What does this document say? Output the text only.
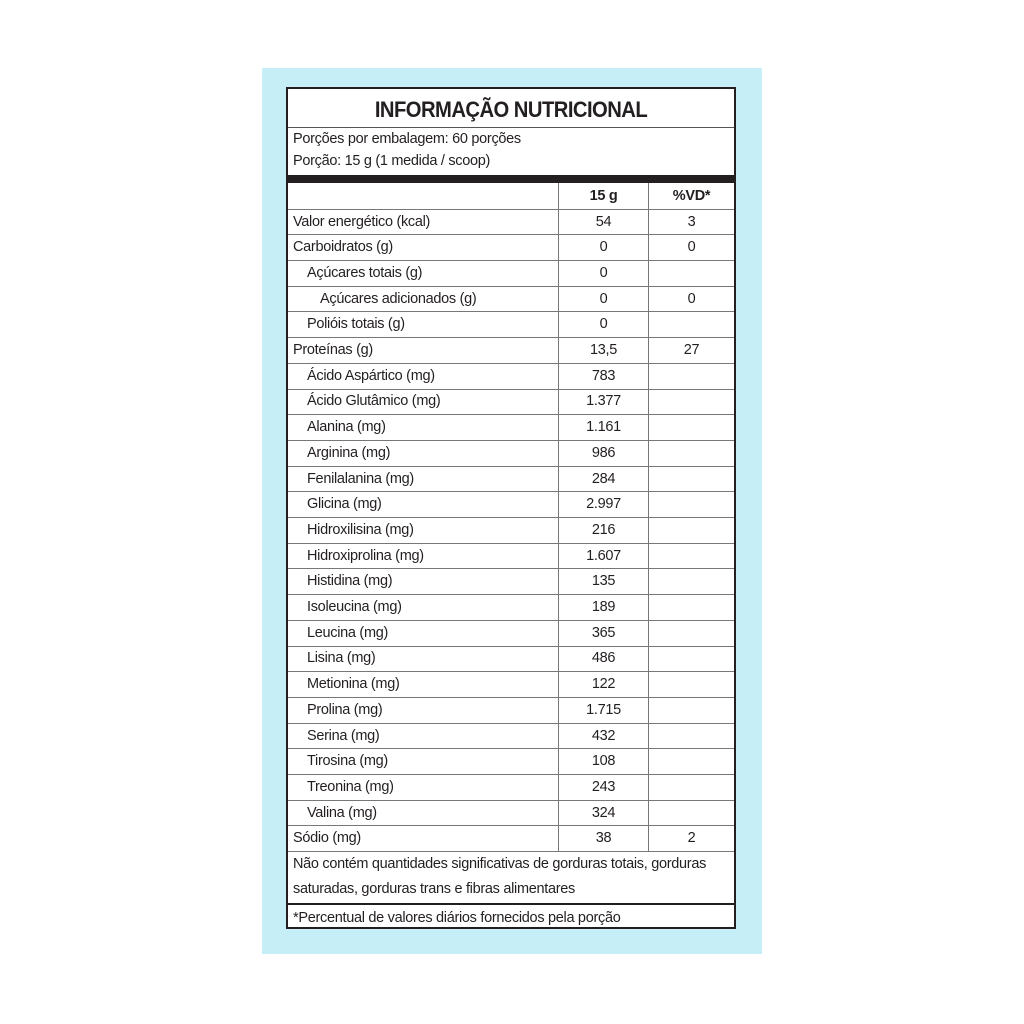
INFORMAÇÃO NUTRICIONAL
Porções por embalagem: 60 porções
Porção: 15 g (1 medida / scoop)
15 g	%VD*
Valor energético (kcal)	54	3
Carboidratos (g)	0	0
Açúcares totais (g)	0
Açúcares adicionados (g)	0	0
Polióis totais (g)	0
Proteínas (g)	13,5	27
Ácido Aspártico (mg)	783
Ácido Glutâmico (mg)	1.377
Alanina (mg)	1.161
Arginina (mg)	986
Fenilalanina (mg)	284
Glicina (mg)	2.997
Hidroxilisina (mg)	216
Hidroxiprolina (mg)	1.607
Histidina (mg)	135
Isoleucina (mg)	189
Leucina (mg)	365
Lisina (mg)	486
Metionina (mg)	122
Prolina (mg)	1.715
Serina (mg)	432
Tirosina (mg)	108
Treonina (mg)	243
Valina (mg)	324
Sódio (mg)	38	2
Não contém quantidades significativas de gorduras totais, gorduras saturadas, gorduras trans e fibras alimentares
*Percentual de valores diários fornecidos pela porção
